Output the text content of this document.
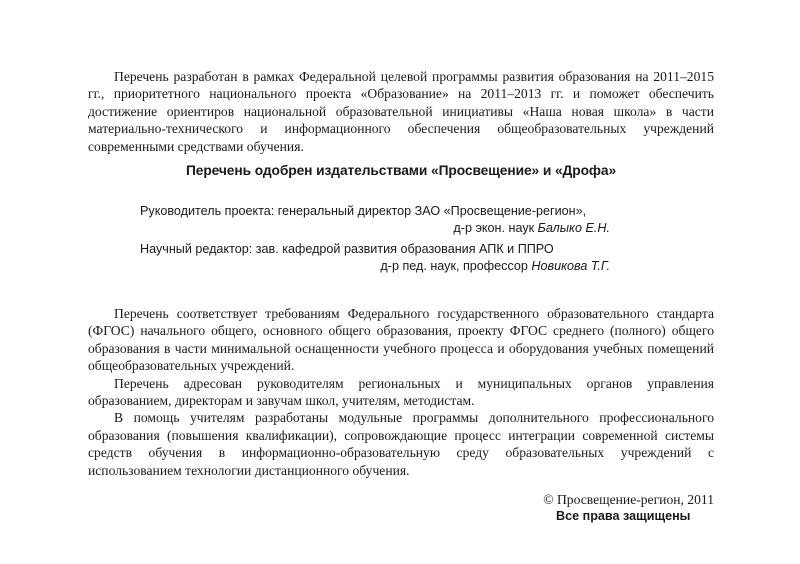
Перечень разработан в рамках Федеральной целевой программы развития образования на 2011–2015 гг., приоритетного национального проекта «Образование» на 2011–2013 гг. и поможет обеспечить достижение ориентиров национальной образовательной инициативы «Наша новая школа» в части материально-технического и информационного обеспечения общеобразовательных учреждений современными средствами обучения.

Перечень одобрен издательствами «Просвещение» и «Дрофа»
Руководитель проекта: генеральный директор ЗАО «Просвещение-регион»,
д-р экон. наук Балыко Е.Н.
Научный редактор: зав. кафедрой развития образования АПК и ППРО
д-р пед. наук, профессор Новикова Т.Г.

Перечень соответствует требованиям Федерального государственного образовательного стандарта (ФГОС) начального общего, основного общего образования, проекту ФГОС среднего (полного) общего образования в части минимальной оснащенности учебного процесса и оборудования учебных помещений общеобразовательных учреждений.

Перечень адресован руководителям региональных и муниципальных органов управления образованием, директорам и завучам школ, учителям, методистам.

В помощь учителям разработаны модульные программы дополнительного профессионального образования (повышения квалификации), сопровождающие процесс интеграции современной системы средств обучения в информационно-образовательную среду образовательных учреждений с использованием технологии дистанционного обучения.

© Просвещение-регион, 2011
Все права защищены
